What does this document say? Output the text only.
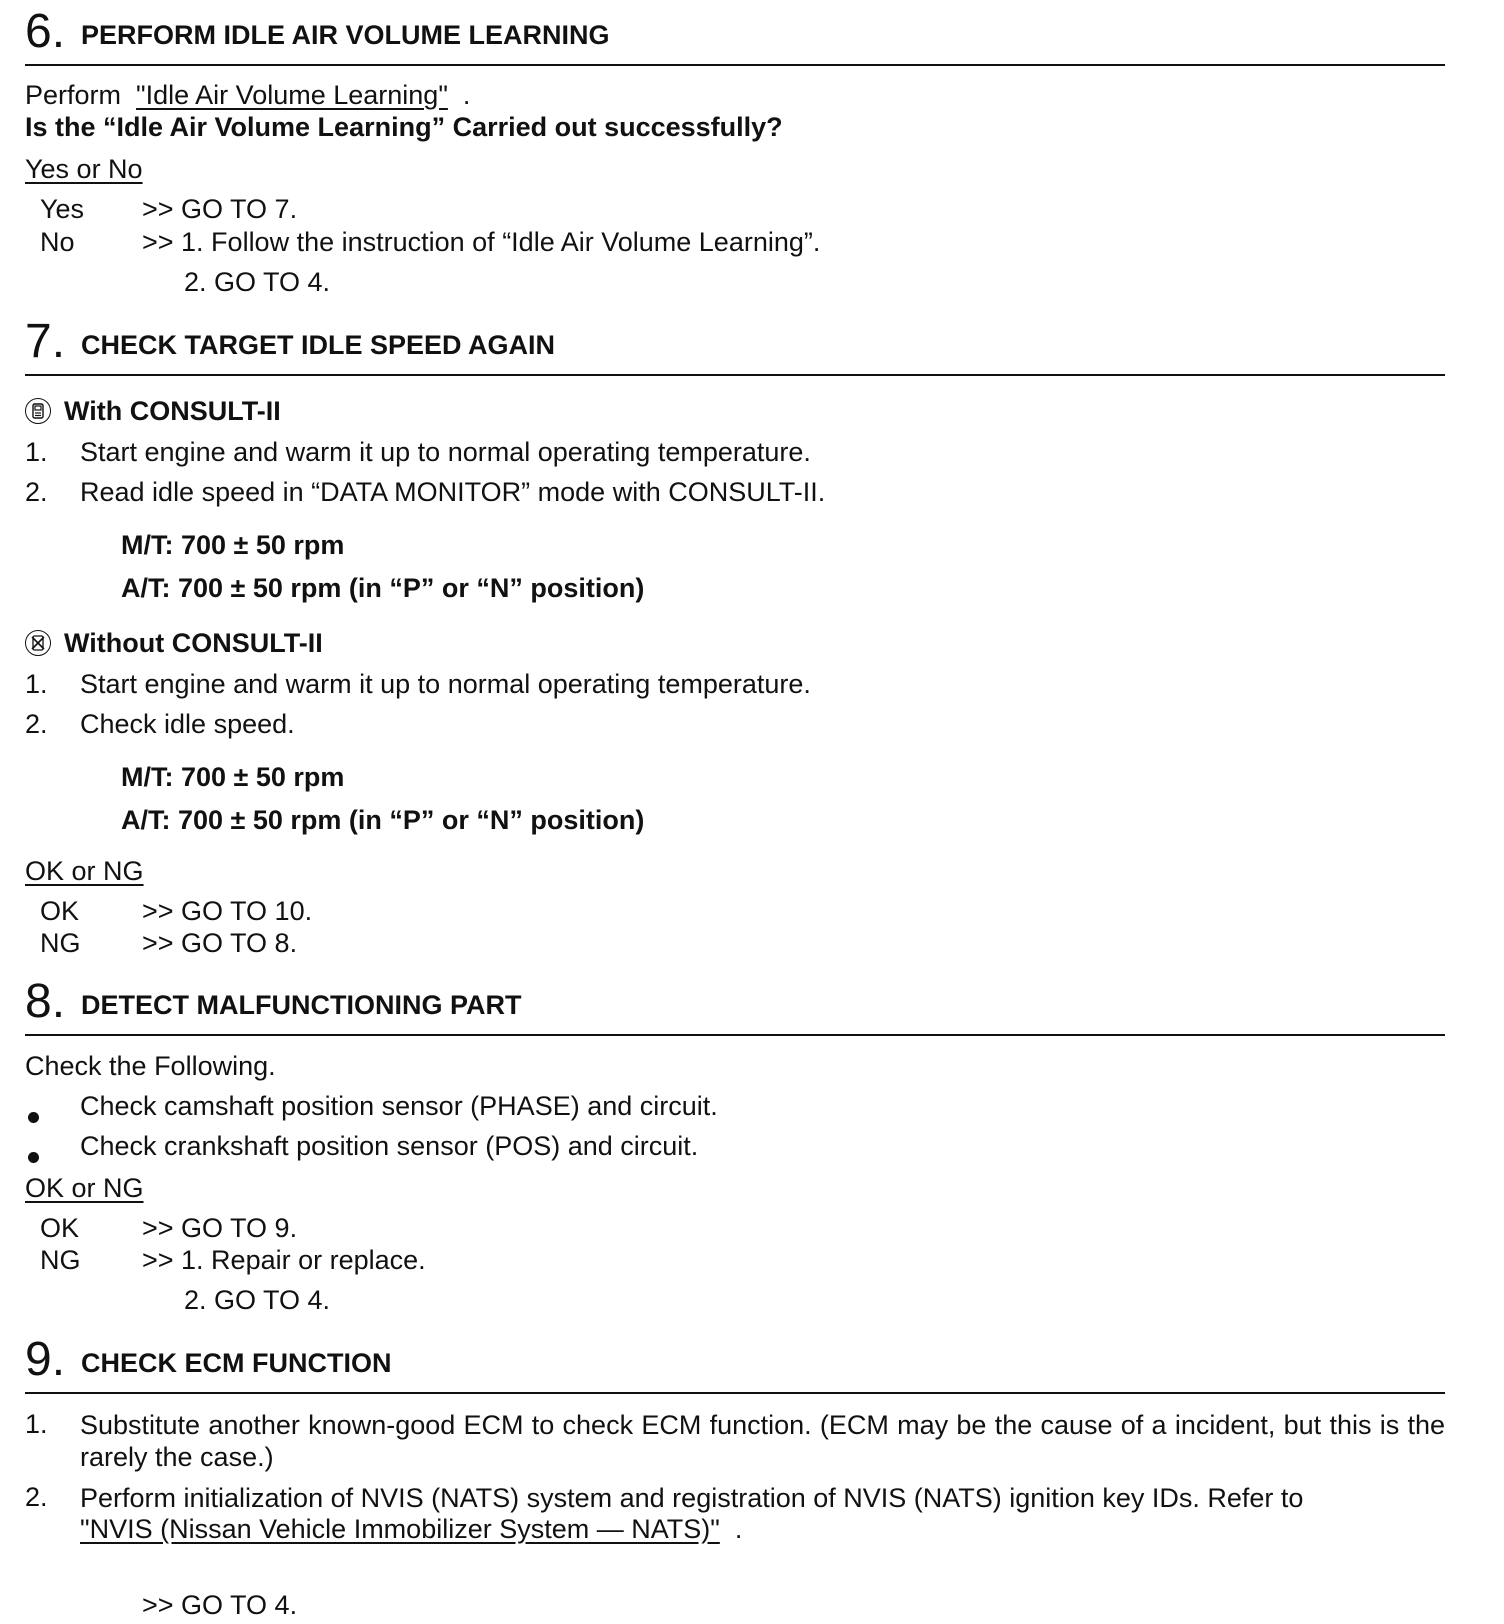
6. PERFORM IDLE AIR VOLUME LEARNING
Perform "Idle Air Volume Learning" .
Is the “Idle Air Volume Learning” Carried out successfully?
Yes or No
Yes >> GO TO 7.
No >> 1. Follow the instruction of “Idle Air Volume Learning”.
2. GO TO 4.
7. CHECK TARGET IDLE SPEED AGAIN
With CONSULT-II
1. Start engine and warm it up to normal operating temperature.
2. Read idle speed in “DATA MONITOR” mode with CONSULT-II.
M/T: 700 ± 50 rpm
A/T: 700 ± 50 rpm (in “P” or “N” position)
Without CONSULT-II
1. Start engine and warm it up to normal operating temperature.
2. Check idle speed.
M/T: 700 ± 50 rpm
A/T: 700 ± 50 rpm (in “P” or “N” position)
OK or NG
OK >> GO TO 10.
NG >> GO TO 8.
8. DETECT MALFUNCTIONING PART
Check the Following.
Check camshaft position sensor (PHASE) and circuit.
Check crankshaft position sensor (POS) and circuit.
OK or NG
OK >> GO TO 9.
NG >> 1. Repair or replace.
2. GO TO 4.
9. CHECK ECM FUNCTION
1. Substitute another known-good ECM to check ECM function. (ECM may be the cause of a incident, but this is the rarely the case.)
2. Perform initialization of NVIS (NATS) system and registration of NVIS (NATS) ignition key IDs. Refer to
"NVIS (Nissan Vehicle Immobilizer System — NATS)" .
>> GO TO 4.
